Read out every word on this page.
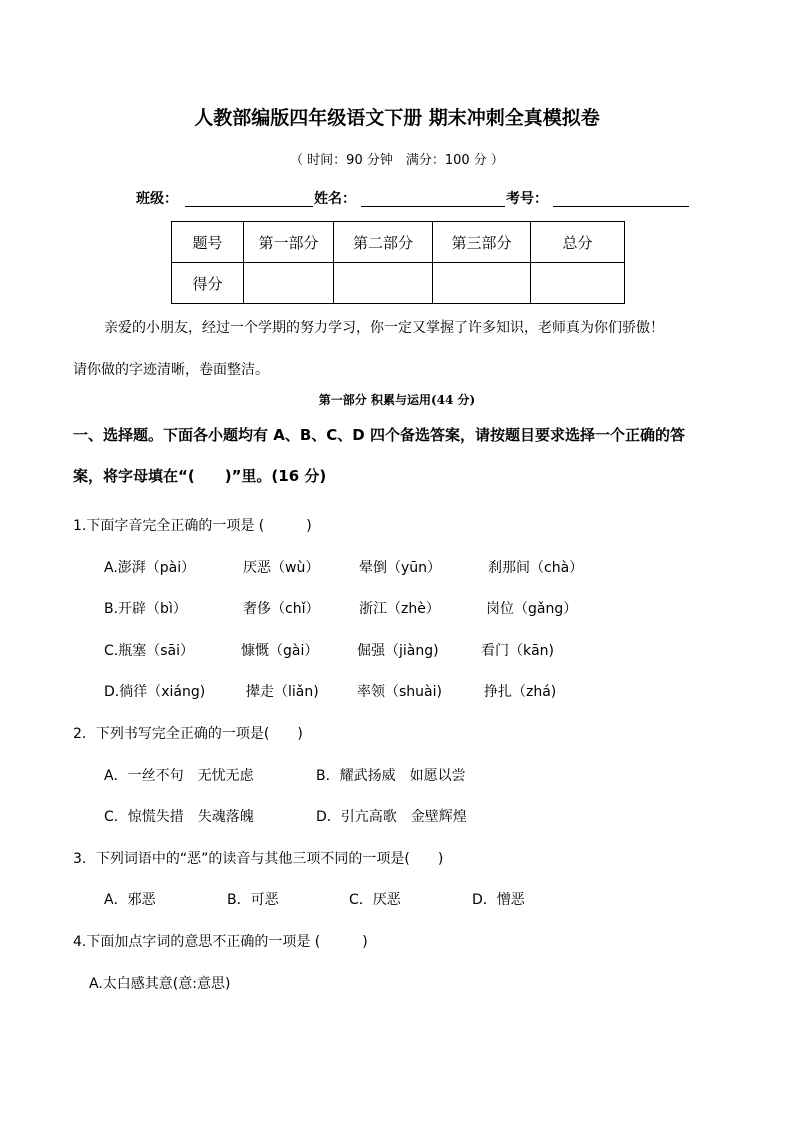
人教部编版四年级语文下册 期末冲刺全真模拟卷
（ 时间：90 分钟　满分：100 分 ）
班级：	姓名：	考号：
题号	第一部分	第二部分	第三部分	总分
得分				
亲爱的小朋友，经过一个学期的努力学习，你一定又掌握了许多知识，老师真为你们骄傲！
请你做的字迹清晰，卷面整洁。
第一部分 积累与运用(44 分)
一、选择题。下面各小题均有 A、B、C、D 四个备选答案，请按题目要求选择一个正确的答
案，将字母填在“(　　)”里。(16 分)
1.下面字音完全正确的一项是 (　　　)
A.澎湃（pài）	厌恶（wù）	晕倒（yūn）	刹那间（chà）
B.开辟（bì）	奢侈（chǐ）	浙江（zhè）	岗位（gǎng）
C.瓶塞（sāi）	慷慨（gài）	倔强（jiàng)	看门（kān)
D.徜徉（xiáng)	撵走（liǎn)	率领（shuài)	挣扎（zhá)
2．下列书写完全正确的一项是(　　)
A．一丝不句　无忧无虑	B．耀武扬威　如愿以尝
C．惊慌失措　失魂落魄	D．引亢高歌　金壁辉煌
3．下列词语中的“恶”的读音与其他三项不同的一项是(　　)
A．邪恶	B．可恶	C．厌恶	D．憎恶
4.下面加点字词的意思不正确的一项是 (　　　)
A.太白感其意(意:意思)
